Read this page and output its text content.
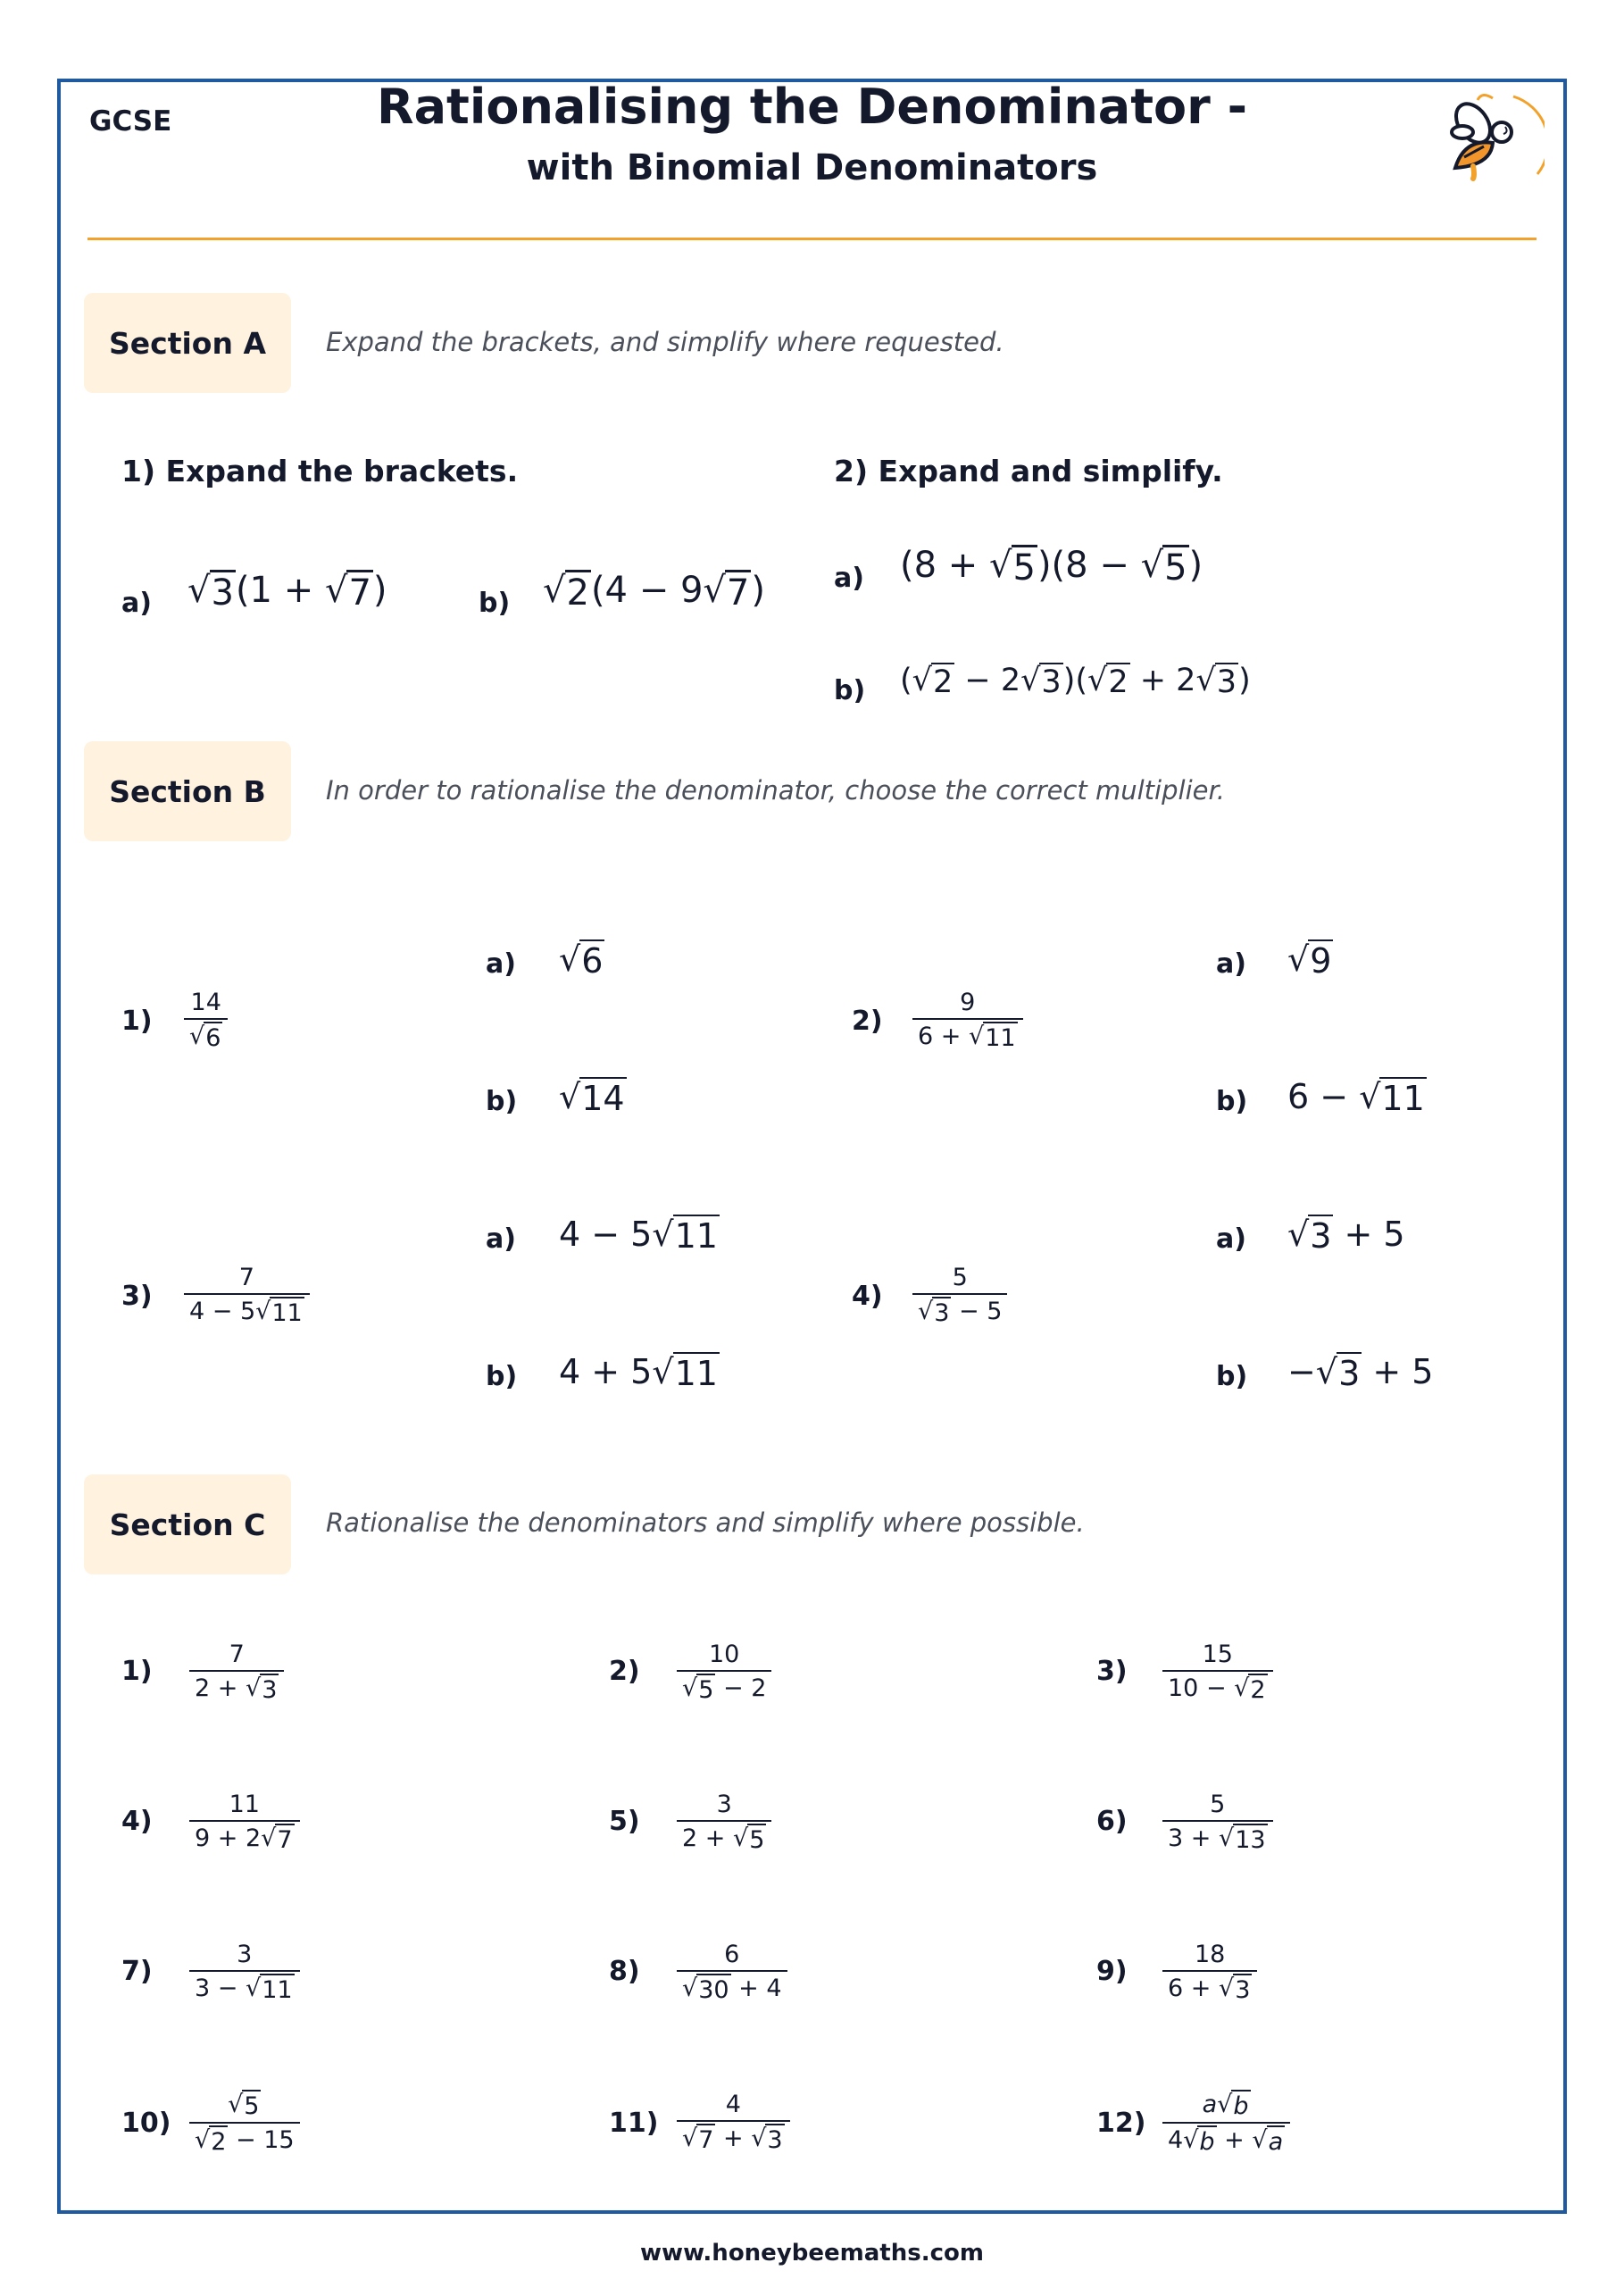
GCSE	Rationalising the Denominator -
with Binomial Denominators
Section A	Expand the brackets, and simplify where requested.
1) Expand the brackets.
a) √ 3 (1 + √ 7 )	b) √ 2 (4 − 9 √ 7 )
2) Expand and simplify.
a) (8 + √ 5 )(8 − √ 5 )
b) ( √ 2 − 2 √ 3 )( √ 2 + 2 √ 3 )
Section B	In order to rationalise the denominator, choose the correct multiplier.
$1) \frac{14}{√ 6}$
a) √ 6
b) √ 14
$2) \frac{9}{6 + √ 11}$
a) √ 9
b) 6 − √ 11
$3) \frac{7}{4 - 5 √ 11}$
a) 4 − 5 √ 11
b) 4 + 5 √ 11
$4) \frac{5}{√ 3 - 5}$
a) √ 3 + 5
b) − √ 3 + 5
Section C	Rationalise the denominators and simplify where possible.
$1) \frac{7}{2 + √ 3}$	$2) \frac{10}{√ 5 - 2}$	$3) \frac{15}{10 - √ 2}$
$4) \frac{11}{9 + 2 √ 7}$	$5) \frac{3}{2 + √ 5}$	$6) \frac{5}{3 + √ 13}$
$7) \frac{3}{3 - √ 11}$	$8) \frac{6}{√ 30 + 4}$	$9) \frac{18}{6 + √ 3}$
$10) \frac{√ 5}{√ 2 - 15}$	$11) \frac{4}{√ 7 + √ 3}$	$12) \frac{a √ b}{4 √ b + √ a}$
www.honeybeemaths.com
